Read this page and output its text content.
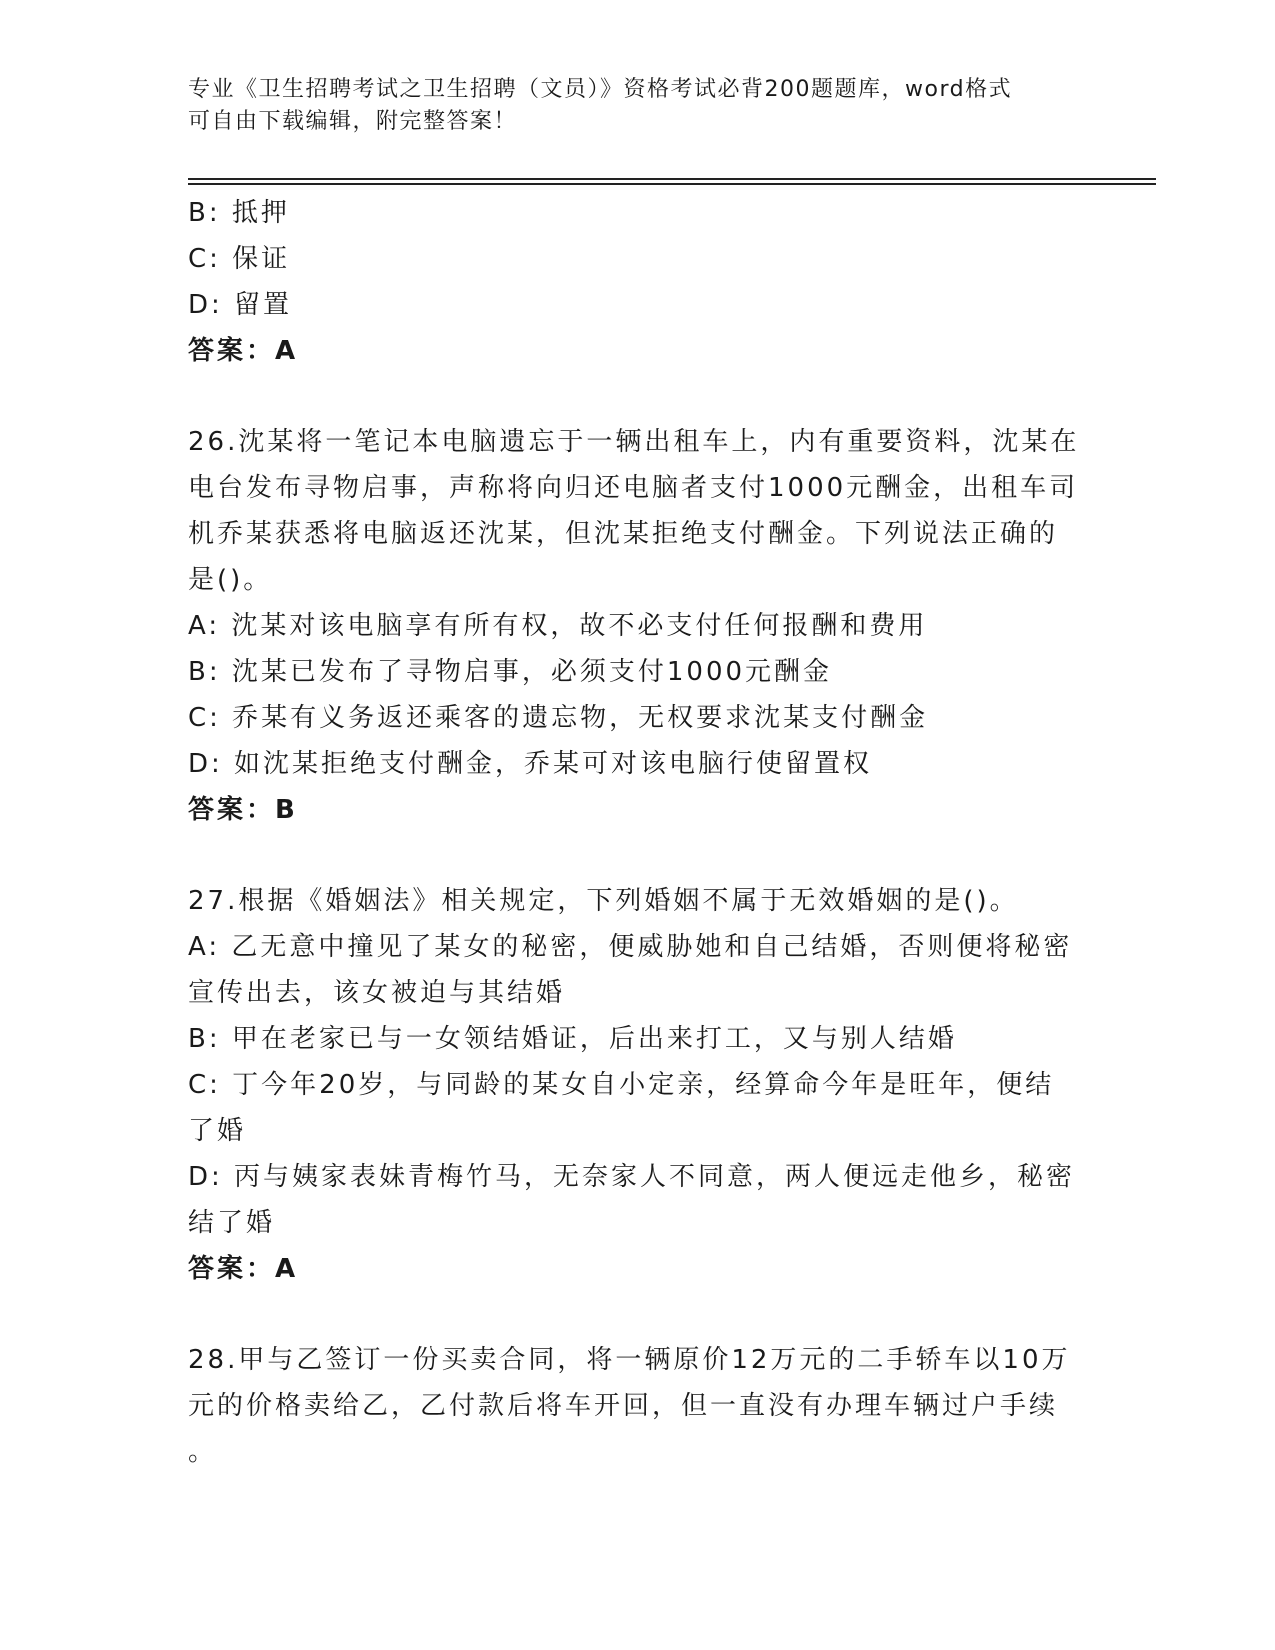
专业《卫生招聘考试之卫生招聘（文员）》资格考试必背200题题库，word格式
可自由下载编辑，附完整答案！
B: 抵押
C: 保证
D: 留置
答案：A
26.沈某将一笔记本电脑遗忘于一辆出租车上，内有重要资料，沈某在
电台发布寻物启事，声称将向归还电脑者支付1000元酬金，出租车司
机乔某获悉将电脑返还沈某，但沈某拒绝支付酬金。下列说法正确的
是()。
A: 沈某对该电脑享有所有权，故不必支付任何报酬和费用
B: 沈某已发布了寻物启事，必须支付1000元酬金
C: 乔某有义务返还乘客的遗忘物，无权要求沈某支付酬金
D: 如沈某拒绝支付酬金，乔某可对该电脑行使留置权
答案：B
27.根据《婚姻法》相关规定，下列婚姻不属于无效婚姻的是()。
A: 乙无意中撞见了某女的秘密，便威胁她和自己结婚，否则便将秘密
宣传出去，该女被迫与其结婚
B: 甲在老家已与一女领结婚证，后出来打工，又与别人结婚
C: 丁今年20岁，与同龄的某女自小定亲，经算命今年是旺年，便结
了婚
D: 丙与姨家表妹青梅竹马，无奈家人不同意，两人便远走他乡，秘密
结了婚
答案：A
28.甲与乙签订一份买卖合同，将一辆原价12万元的二手轿车以10万
元的价格卖给乙，乙付款后将车开回，但一直没有办理车辆过户手续
。
